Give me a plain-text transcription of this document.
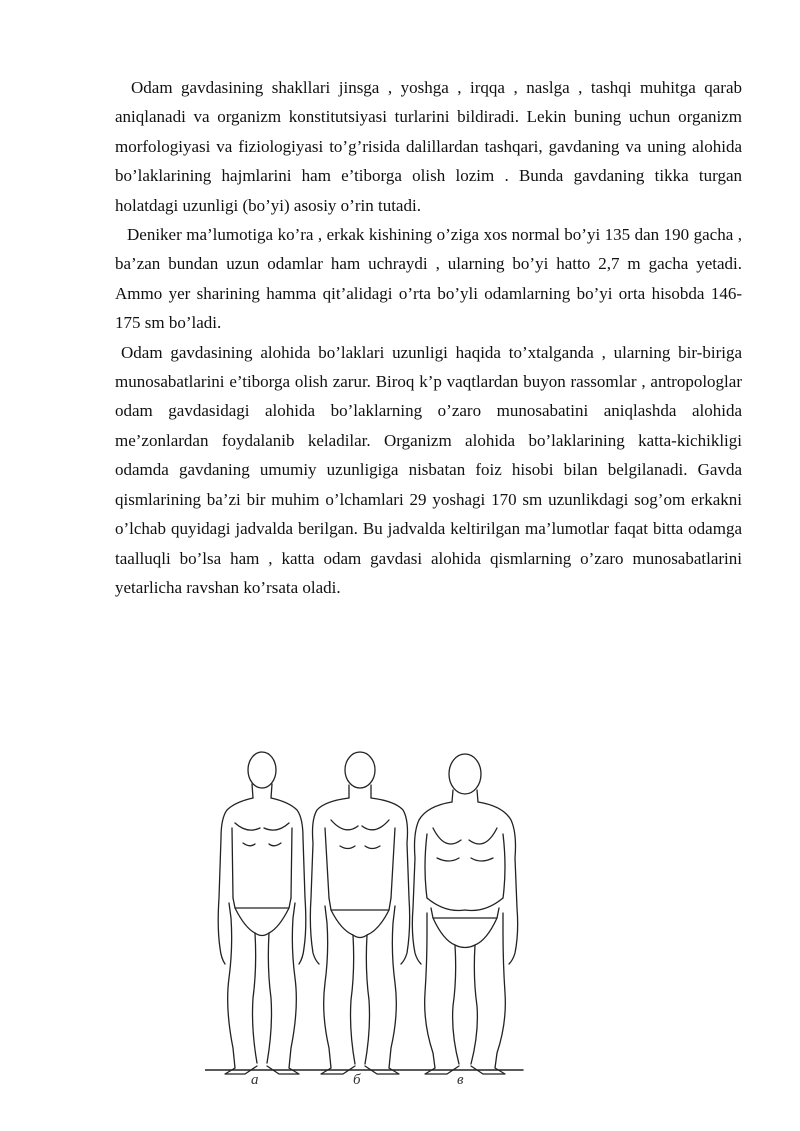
Odam gavdasining shakllari jinsga , yoshga , irqqa , naslga , tashqi muhitga qarab aniqlanadi va organizm konstitutsiyasi turlarini bildiradi. Lekin buning uchun organizm morfologiyasi va fiziologiyasi to’g’risida dalillardan tashqari, gavdaning va uning alohida bo’laklarining hajmlarini ham e’tiborga olish lozim . Bunda gavdaning tikka turgan holatdagi uzunligi (bo’yi) asosiy o’rin tutadi.

Deniker ma’lumotiga ko’ra , erkak kishining o’ziga xos normal bo’yi 135 dan 190 gacha , ba’zan bundan uzun odamlar ham uchraydi , ularning bo’yi hatto 2,7 m gacha yetadi. Ammo yer sharining hamma qit’alidagi o’rta bo’yli odamlarning bo’yi orta hisobda 146-175 sm bo’ladi.

Odam gavdasining alohida bo’laklari uzunligi haqida to’xtalganda , ularning bir-biriga munosabatlarini e’tiborga olish zarur. Biroq k’p vaqtlardan buyon rassomlar , antropologlar odam gavdasidagi alohida bo’laklarning o’zaro munosabatini aniqlashda alohida me’zonlardan foydalanib keladilar. Organizm alohida bo’laklarining katta-kichikligi odamda gavdaning umumiy uzunligiga nisbatan foiz hisobi bilan belgilanadi. Gavda qismlarining ba’zi bir muhim o’lchamlari 29 yoshagi 170 sm uzunlikdagi sog’om erkakni o’lchab quyidagi jadvalda berilgan. Bu jadvalda keltirilgan ma’lumotlar faqat bitta odamga taalluqli bo’lsa ham , katta odam gavdasi alohida qismlarning o’zaro munosabatlarini yetarlicha ravshan ko’rsata oladi.

а	б	в
